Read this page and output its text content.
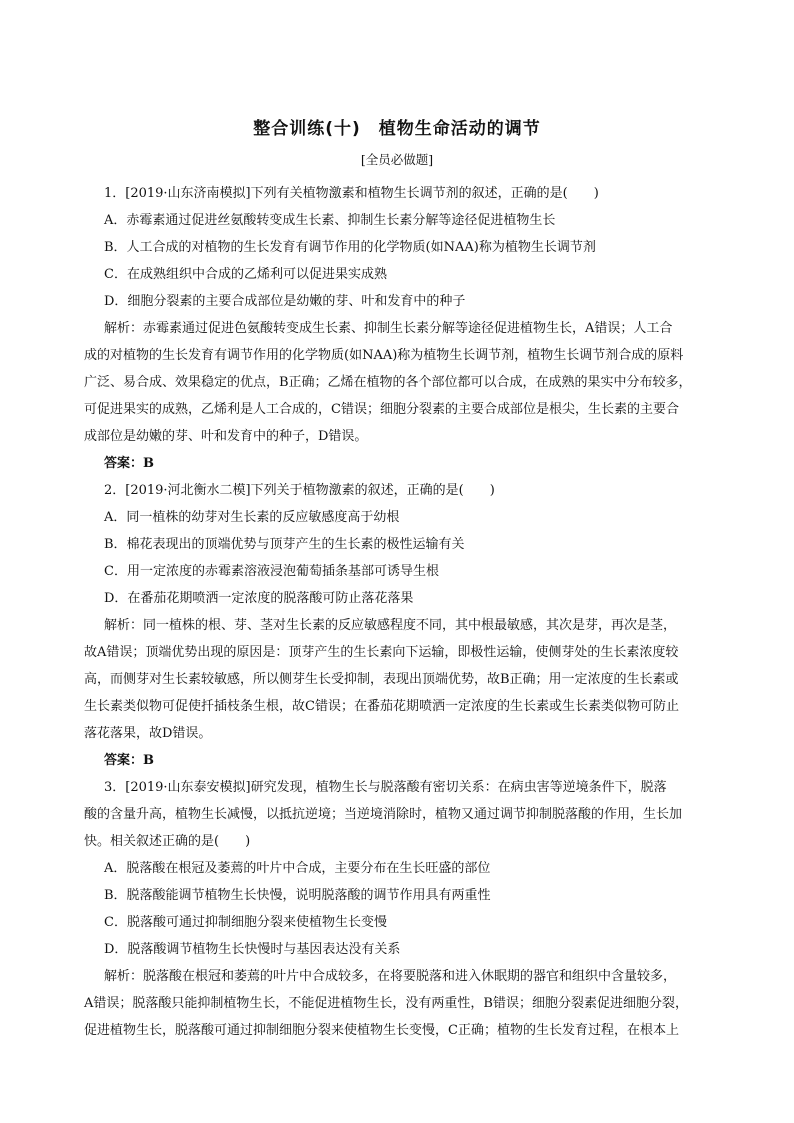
整合训练(十)　植物生命活动的调节
[全员必做题]
1．[2019·山东济南模拟]下列有关植物激素和植物生长调节剂的叙述，正确的是(　　)
A．赤霉素通过促进丝氨酸转变成生长素、抑制生长素分解等途径促进植物生长
B．人工合成的对植物的生长发育有调节作用的化学物质(如NAA)称为植物生长调节剂
C．在成熟组织中合成的乙烯利可以促进果实成熟
D．细胞分裂素的主要合成部位是幼嫩的芽、叶和发育中的种子
解析：赤霉素通过促进色氨酸转变成生长素、抑制生长素分解等途径促进植物生长，A错误；人工合
成的对植物的生长发育有调节作用的化学物质(如NAA)称为植物生长调节剂，植物生长调节剂合成的原料
广泛、易合成、效果稳定的优点，B正确；乙烯在植物的各个部位都可以合成，在成熟的果实中分布较多，
可促进果实的成熟，乙烯利是人工合成的，C错误；细胞分裂素的主要合成部位是根尖，生长素的主要合
成部位是幼嫩的芽、叶和发育中的种子，D错误。
答案：B
2．[2019·河北衡水二模]下列关于植物激素的叙述，正确的是(　　)
A．同一植株的幼芽对生长素的反应敏感度高于幼根
B．棉花表现出的顶端优势与顶芽产生的生长素的极性运输有关
C．用一定浓度的赤霉素溶液浸泡葡萄插条基部可诱导生根
D．在番茄花期喷洒一定浓度的脱落酸可防止落花落果
解析：同一植株的根、芽、茎对生长素的反应敏感程度不同，其中根最敏感，其次是芽，再次是茎，
故A错误；顶端优势出现的原因是：顶芽产生的生长素向下运输，即极性运输，使侧芽处的生长素浓度较
高，而侧芽对生长素较敏感，所以侧芽生长受抑制，表现出顶端优势，故B正确；用一定浓度的生长素或
生长素类似物可促使扦插枝条生根，故C错误；在番茄花期喷洒一定浓度的生长素或生长素类似物可防止
落花落果，故D错误。
答案：B
3．[2019·山东泰安模拟]研究发现，植物生长与脱落酸有密切关系：在病虫害等逆境条件下，脱落
酸的含量升高，植物生长减慢，以抵抗逆境；当逆境消除时，植物又通过调节抑制脱落酸的作用，生长加
快。相关叙述正确的是(　　)
A．脱落酸在根冠及萎蔫的叶片中合成，主要分布在生长旺盛的部位
B．脱落酸能调节植物生长快慢，说明脱落酸的调节作用具有两重性
C．脱落酸可通过抑制细胞分裂来使植物生长变慢
D．脱落酸调节植物生长快慢时与基因表达没有关系
解析：脱落酸在根冠和萎蔫的叶片中合成较多，在将要脱落和进入休眠期的器官和组织中含量较多，
A错误；脱落酸只能抑制植物生长，不能促进植物生长，没有两重性，B错误；细胞分裂素促进细胞分裂，
促进植物生长，脱落酸可通过抑制细胞分裂来使植物生长变慢，C正确；植物的生长发育过程，在根本上
